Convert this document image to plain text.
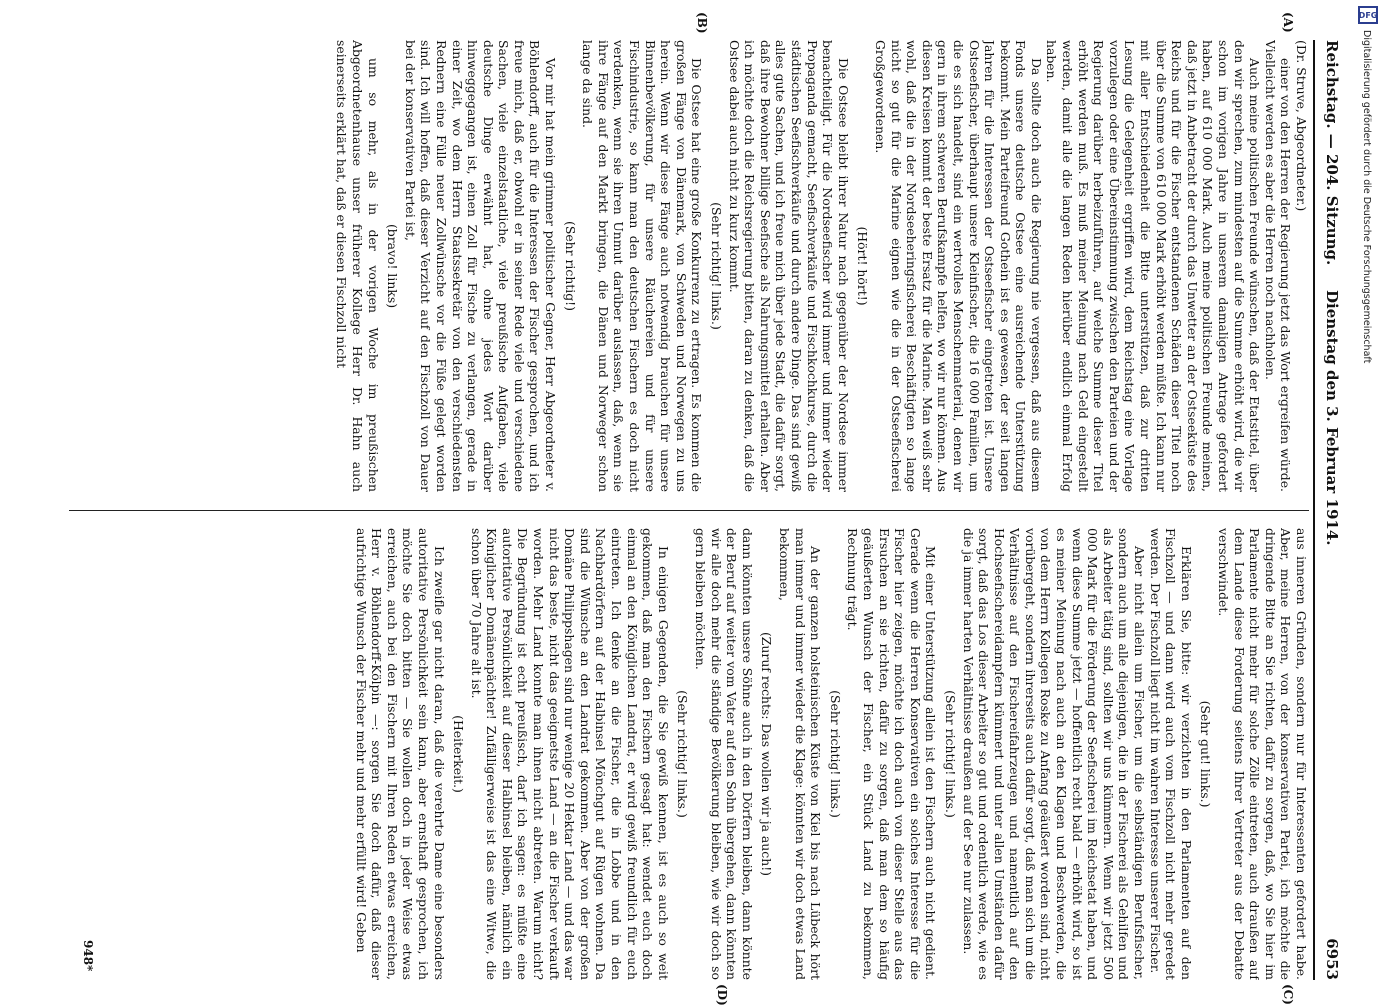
Reichstag. — 204. Sitzung.
Dienstag den 3. Februar 1914.
6953
(A)
(B)
(C)
(D)

(Dr. Struve, Abgeordneter.)

einer von den Herren der Regierung jetzt das Wort ergreifen würde. Vielleicht werden es aber die Herren noch nachholen.

Auch meine politischen Freunde wünschen, daß der Etatstitel, über den wir sprechen, zum mindesten auf die Summe erhöht wird, die wir schon im vorigen Jahre in unserem damaligen Antrage gefordert haben, auf 610 000 Mark. Auch meine politischen Freunde meinen, daß jetzt in Anbetracht der durch das Unwetter an der Ostseeküste des Reichs und für die Fischer entstandenen Schäden dieser Titel noch über die Summe von 610 000 Mark erhöht werden müßte. Ich kann nur mit aller Entschiedenheit die Bitte unterstützen, daß zur dritten Lesung die Gelegenheit ergriffen wird, dem Reichstag eine Vorlage vorzulegen oder eine Übereinstimmung zwischen den Parteien und der Regierung darüber herbeizuführen, auf welche Summe dieser Titel erhöht werden muß. Es muß meiner Meinung nach Geld eingestellt werden, damit alle die langen Reden hierüber endlich einmal Erfolg haben.

Da sollte doch auch die Regierung nie vergessen, daß aus diesem Fonds unsere deutsche Ostsee eine ausreichende Unterstützung bekommt. Mein Parteifreund Gothein ist es gewesen, der seit langen Jahren für die Interessen der Ostseefischer eingetreten ist. Unsere Ostseefischer, überhaupt unsere Kleinfischer, die 16 000 Familien, um die es sich handelt, sind ein wertvolles Menschenmaterial, denen wir gern in ihrem schweren Berufskampfe helfen, wo wir nur können. Aus diesen Kreisen kommt der beste Ersatz für die Marine. Man weiß sehr wohl, daß die in der Nordseeheringsfischerei Beschäftigten so lange nicht so gut für die Marine eignen wie die in der Ostseefischerei Großgewordenen.

(Hört! hört!)

Die Ostsee bleibt ihrer Natur nach gegenüber der Nordsee immer benachteiligt. Für die Nordseefischer wird immer und immer wieder Propaganda gemacht, Seefischverkäufe und Fischkochkurse, durch die städtischen Seefischverkäufe und durch andere Dinge. Das sind gewiß alles gute Sachen, und ich freue mich über jede Stadt, die dafür sorgt, daß ihre Bewohner billige Seefische als Nahrungsmittel erhalten. Aber ich möchte doch die Reichsregierung bitten, daran zu denken, daß die Ostsee dabei auch nicht zu kurz kommt.

(Sehr richtig! links.)

Die Ostsee hat eine große Konkurrenz zu ertragen. Es kommen die großen Fänge von Dänemark, von Schweden und Norwegen zu uns herein. Wenn wir diese Fänge auch notwendig brauchen für unsere Binnenbevölkerung, für unsere Räuchereien und für unsere Fischindustrie, so kann man den deutschen Fischern es doch nicht verdenken, wenn sie ihren Unmut darüber auslassen, daß, wenn sie ihre Fänge auf den Markt bringen, die Dänen und Norweger schon lange da sind.

(Sehr richtig!)

Vor mir hat mein grimmer politischer Gegner, Herr Abgeordneter v. Böhlendorff, auch für die Interessen der Fischer gesprochen, und ich freue mich, daß er, obwohl er in seiner Rede viele und verschiedene Sachen, viele einzelstaatliche, viele preußische Aufgaben, viele deutsche Dinge erwähnt hat, ohne jedes Wort darüber hinweggegangen ist, einen Zoll für Fische zu verlangen, gerade in einer Zeit, wo dem Herrn Staatssekretär von den verschiedensten Rednern eine Fülle neuer Zollwünsche vor die Füße gelegt worden sind. Ich will hoffen, daß dieser Verzicht auf den Fischzoll von Dauer bei der konservativen Partei ist,

(bravo! links)

um so mehr, als in der vorigen Woche im preußischen Abgeordnetenhause unser früherer Kollege Herr Dr. Hahn auch seinerseits erklärt hat, daß er diesen Fischzoll nicht

aus inneren Gründen, sondern nur für Interessenten gefordert habe. Aber, meine Herren, von der konservativen Partei, ich möchte die dringende Bitte an Sie richten, dafür zu sorgen, daß, wo Sie hier im Parlamente nicht mehr für solche Zölle eintreten, auch draußen auf dem Lande diese Forderung seitens Ihrer Vertreter aus der Debatte verschwindet.

(Sehr gut! links.)

Erklären Sie, bitte: wir verzichten in den Parlamenten auf den Fischzoll — und dann wird auch vom Fischzoll nicht mehr geredet werden. Der Fischzoll liegt nicht im wahren Interesse unserer Fischer.

Aber nicht allein um Fischer, um die selbständigen Berufsfischer, sondern auch um alle diejenigen, die in der Fischerei als Gehilfen und als Arbeiter tätig sind, sollten wir uns kümmern. Wenn wir jetzt 500 000 Mark für die Förderung der Seefischerei im Reichsetat haben, und wenn diese Summe jetzt — hoffentlich recht bald — erhöht wird, so ist es meiner Meinung nach auch an den Klagen und Beschwerden, die von dem Herrn Kollegen Roske zu Anfang geäußert worden sind, nicht vorübergeht, sondern ihrerseits auch dafür sorgt, daß man sich um die Verhältnisse auf den Fischereifahrzeugen und namentlich auf den Hochseefischereidampfern kümmert und unter allen Umständen dafür sorgt, daß das Los dieser Arbeiter so gut und ordentlich werde, wie es die ja immer harten Verhältnisse draußen auf der See nur zulassen.

(Sehr richtig! links.)

Mit einer Unterstützung allein ist den Fischern auch nicht gedient. Gerade wenn die Herren Konservativen ein solches Interesse für die Fischer hier zeigen, möchte ich doch auch von dieser Stelle aus das Ersuchen an sie richten, dafür zu sorgen, daß man dem so häufig geäußerten Wunsch der Fischer, ein Stück Land zu bekommen, Rechnung trägt.

(Sehr richtig! links.)

An der ganzen holsteinischen Küste von Kiel bis nach Lübeck hört man immer und immer wieder die Klage: könnten wir doch etwas Land bekommen,

(Zuruf rechts: Das wollen wir ja auch!)

dann könnten unsere Söhne auch in den Dörfern bleiben, dann könnte der Beruf auf weiter vom Vater auf den Sohn übergehen, dann könnten wir alle doch mehr die ständige Bevölkerung bleiben, wie wir doch so gern bleiben möchten.

(Sehr richtig! links.)

In einigen Gegenden, die Sie gewiß kennen, ist es auch so weit gekommen, daß man den Fischern gesagt hat: wendet euch doch einmal an den Königlichen Landrat, er wird gewiß freundlich für euch eintreten. Ich denke an die Fischer, die in Lobbe und in den Nachbardörfern auf der Halbinsel Mönchgut auf Rügen wohnen. Da sind die Wünsche an den Landrat gekommen. Aber von der großen Domäne Philippshagen sind nur wenige 20 Hektar Land — und das war nicht das beste, nicht das geeignetste Land — an die Fischer verkauft worden. Mehr Land konnte man ihnen nicht abtreten. Warum nicht? Die Begründung ist echt preußisch, darf ich sagen: es müßte eine autoritative Persönlichkeit auf dieser Halbinsel bleiben, nämlich ein Königlicher Domänenpächter! Zufälligerweise ist das eine Witwe, die schon über 70 Jahre alt ist.

(Heiterkeit.)

Ich zweifle gar nicht daran, daß die verehrte Dame eine besonders autoritative Persönlichkeit sein kann, aber ernsthaft gesprochen, ich möchte Sie doch bitten — Sie wollen doch in jeder Weise etwas erreichen, auch bei den Fischern mit Ihren Reden etwas erreichen, Herr v. Böhlendorff-Kölpin —: sorgen Sie doch dafür, daß dieser aufrichtige Wunsch der Fischer mehr und mehr erfüllt wird! Geben

948*
DFG
Digitalisierung gefördert durch die Deutsche Forschungsgemeinschaft
